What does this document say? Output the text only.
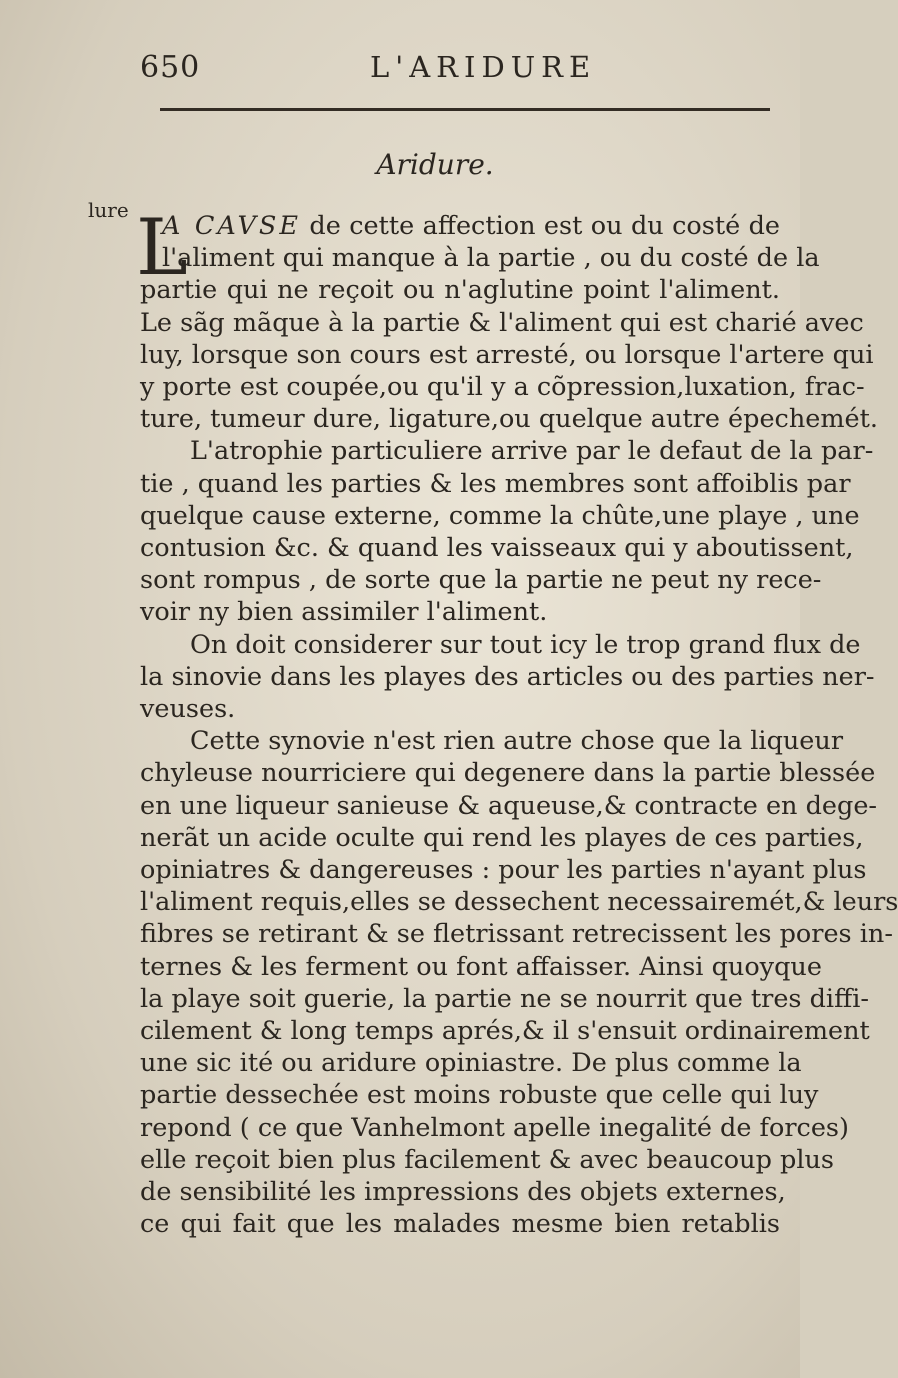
650	L'ARIDURE
Aridure.
lure L
A CAVSE de cette affection est ou du costé de
l'aliment qui manque à la partie , ou du costé de la
partie qui ne reçoit ou n'aglutine point l'aliment.
Le sãg mãque à la partie & l'aliment qui est charié avec
luy, lorsque son cours est arresté, ou lorsque l'artere qui
y porte est coupée,ou qu'il y a cõpression,luxation, frac-
ture, tumeur dure, ligature,ou quelque autre épechemét.
L'atrophie particuliere arrive par le defaut de la par-
tie , quand les parties & les membres sont affoiblis par
quelque cause externe, comme la chûte,une playe , une
contusion &c. & quand les vaisseaux qui y aboutissent,
sont rompus , de sorte que la partie ne peut ny rece-
voir ny bien assimiler l'aliment.
On doit considerer sur tout icy le trop grand flux de
la sinovie dans les playes des articles ou des parties ner-
veuses.
Cette synovie n'est rien autre chose que la liqueur
chyleuse nourriciere qui degenere dans la partie blessée
en une liqueur sanieuse & aqueuse,& contracte en dege-
nerãt un acide oculte qui rend les playes de ces parties,
opiniatres & dangereuses : pour les parties n'ayant plus
l'aliment requis,elles se dessechent necessairemét,& leurs
fibres se retirant & se fletrissant retrecissent les pores in-
ternes & les ferment ou font affaisser. Ainsi quoyque
la playe soit guerie, la partie ne se nourrit que tres diffi-
cilement & long temps aprés,& il s'ensuit ordinairement
une sic ité ou aridure opiniastre. De plus comme la
partie dessechée est moins robuste que celle qui luy
repond ( ce que Vanhelmont apelle inegalité de forces)
elle reçoit bien plus facilement & avec beaucoup plus
de sensibilité les impressions des objets externes,
ce qui fait que les malades mesme bien retablis
